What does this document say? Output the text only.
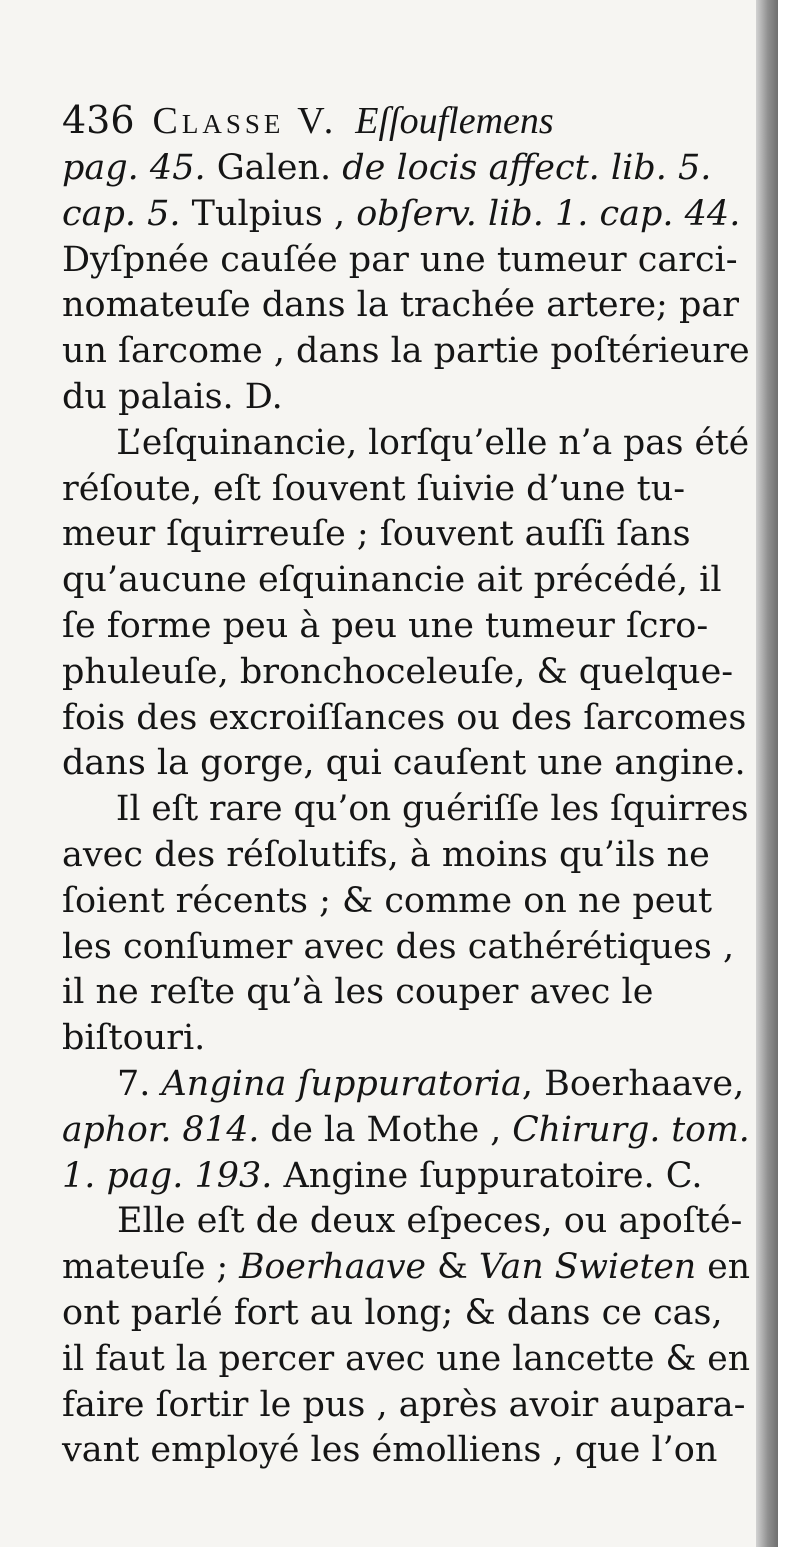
436 Classe V. Eſſouflemens
pag. 45. Galen. de locis affect. lib. 5.
cap. 5. Tulpius , obſerv. lib. 1. cap. 44.
Dyſpnée cauſée par une tumeur carci-
nomateuſe dans la trachée artere; par
un ſarcome , dans la partie poſtérieure
du palais. D.
L’eſquinancie, lorſqu’elle n’a pas été
réſoute, eſt ſouvent ſuivie d’une tu-
meur ſquirreuſe ; ſouvent auſſi ſans
qu’aucune eſquinancie ait précédé, il
ſe forme peu à peu une tumeur ſcro-
phuleuſe, bronchoceleuſe, & quelque-
fois des excroiſſances ou des ſarcomes
dans la gorge, qui cauſent une angine.
Il eſt rare qu’on guériſſe les ſquirres
avec des réſolutifs, à moins qu’ils ne
ſoient récents ; & comme on ne peut
les conſumer avec des cathérétiques ,
il ne reſte qu’à les couper avec le
biſtouri.
7. Angina ſuppuratoria, Boerhaave,
aphor. 814. de la Mothe , Chirurg. tom.
1. pag. 193. Angine ſuppuratoire. C.
Elle eſt de deux eſpeces, ou apoſté-
mateuſe ; Boerhaave & Van Swieten en
ont parlé fort au long; & dans ce cas,
il faut la percer avec une lancette & en
faire ſortir le pus , après avoir aupara-
vant employé les émolliens , que l’on
